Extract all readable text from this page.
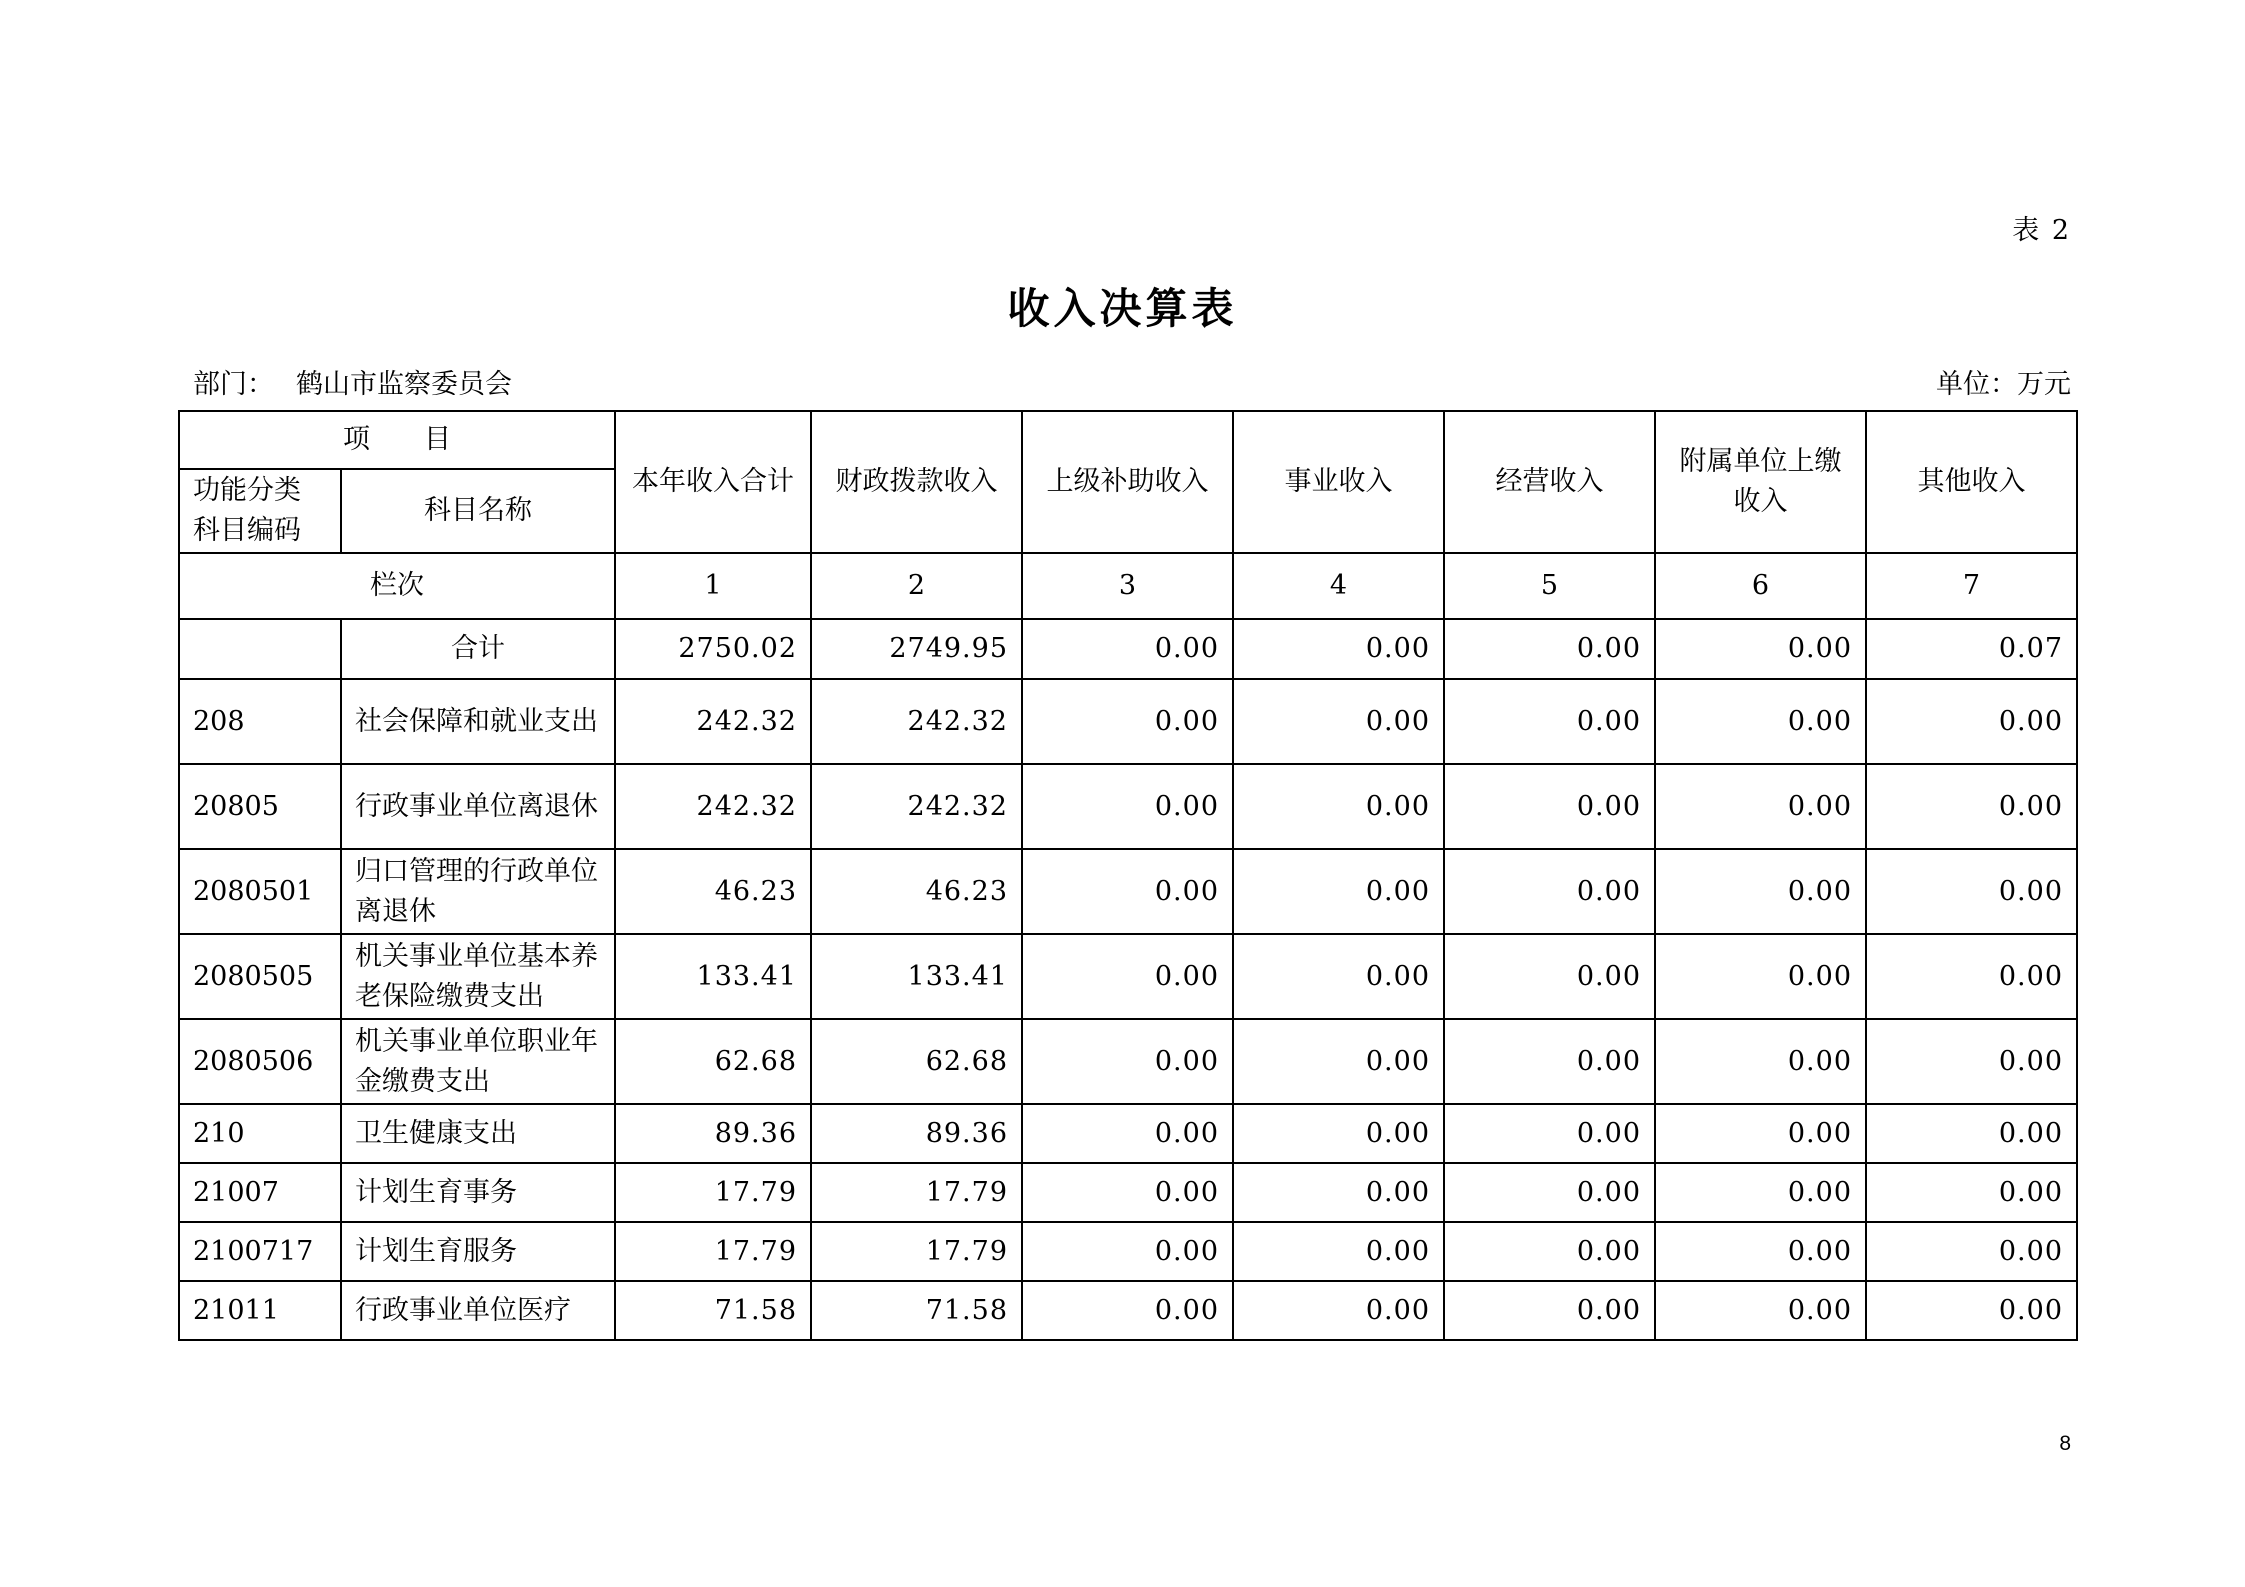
表 2
收入决算表
部门： 鹤山市监察委员会	单位：万元
项　　目		本年收入合计	财政拨款收入	上级补助收入	事业收入	经营收入	附属单位上缴收入	其他收入
功能分类科目编码	科目名称							
栏次		1	2	3	4	5	6	7
	合计	2750.02	2749.95	0.00	0.00	0.00	0.00	0.07
208	社会保障和就业支出	242.32	242.32	0.00	0.00	0.00	0.00	0.00
20805	行政事业单位离退休	242.32	242.32	0.00	0.00	0.00	0.00	0.00
2080501	归口管理的行政单位离退休	46.23	46.23	0.00	0.00	0.00	0.00	0.00
2080505	机关事业单位基本养老保险缴费支出	133.41	133.41	0.00	0.00	0.00	0.00	0.00
2080506	机关事业单位职业年金缴费支出	62.68	62.68	0.00	0.00	0.00	0.00	0.00
210	卫生健康支出	89.36	89.36	0.00	0.00	0.00	0.00	0.00
21007	计划生育事务	17.79	17.79	0.00	0.00	0.00	0.00	0.00
2100717	计划生育服务	17.79	17.79	0.00	0.00	0.00	0.00	0.00
21011	行政事业单位医疗	71.58	71.58	0.00	0.00	0.00	0.00	0.00
8
